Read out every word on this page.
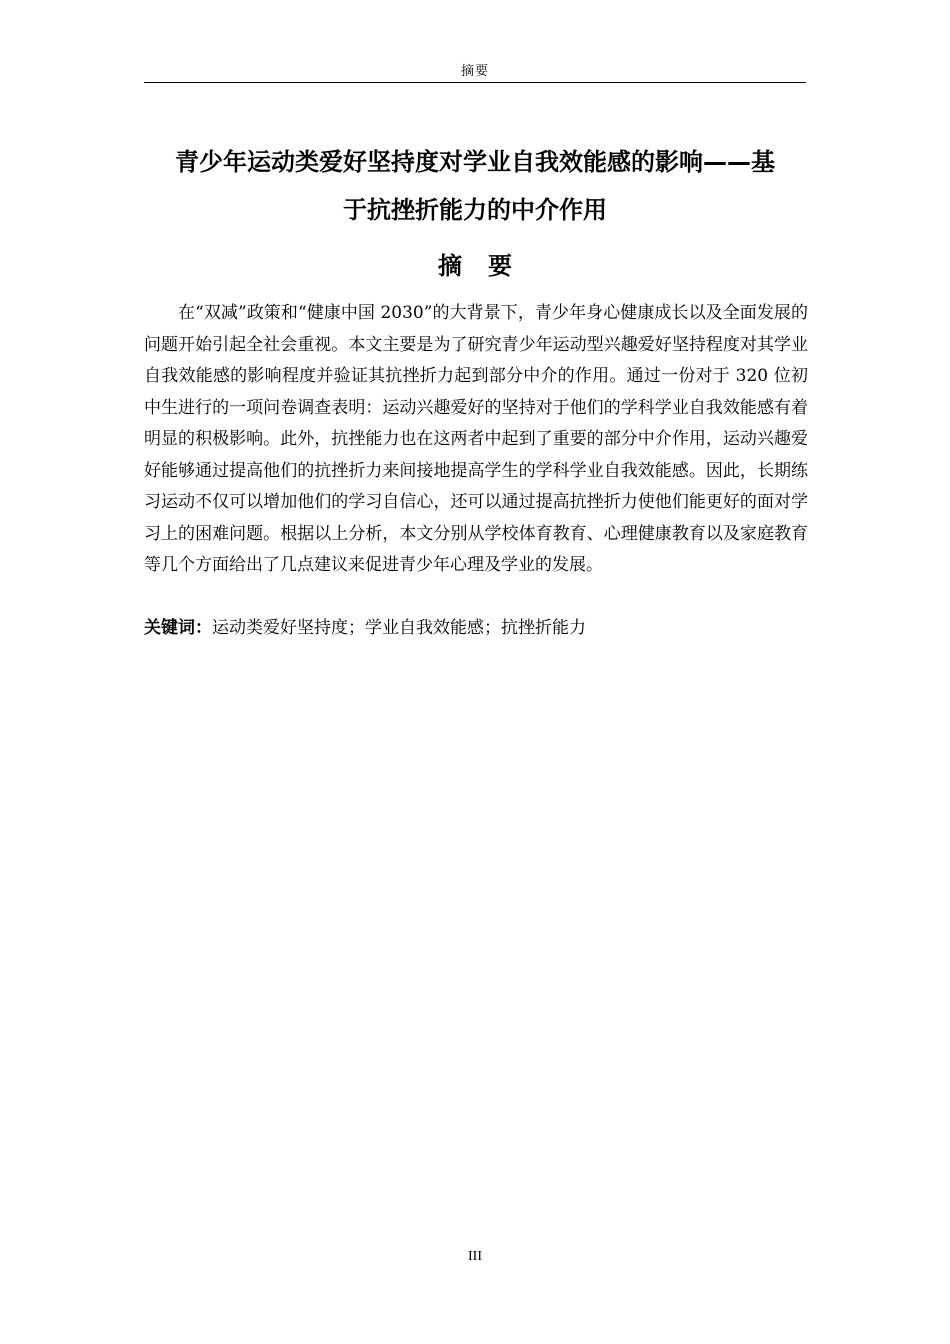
摘要
青少年运动类爱好坚持度对学业自我效能感的影响——基
于抗挫折能力的中介作用
摘要

在“双减”政策和“健康中国 2030”的大背景下，青少年身心健康成长以及全面发展的问题开始引起全社会重视。本文主要是为了研究青少年运动型兴趣爱好坚持程度对其学业自我效能感的影响程度并验证其抗挫折力起到部分中介的作用。通过一份对于 320 位初中生进行的一项问卷调查表明：运动兴趣爱好的坚持对于他们的学科学业自我效能感有着明显的积极影响。此外，抗挫能力也在这两者中起到了重要的部分中介作用，运动兴趣爱好能够通过提高他们的抗挫折力来间接地提高学生的学科学业自我效能感。因此，长期练习运动不仅可以增加他们的学习自信心，还可以通过提高抗挫折力使他们能更好的面对学习上的困难问题。根据以上分析，本文分别从学校体育教育、心理健康教育以及家庭教育等几个方面给出了几点建议来促进青少年心理及学业的发展。

关键词：运动类爱好坚持度；学业自我效能感；抗挫折能力

III
